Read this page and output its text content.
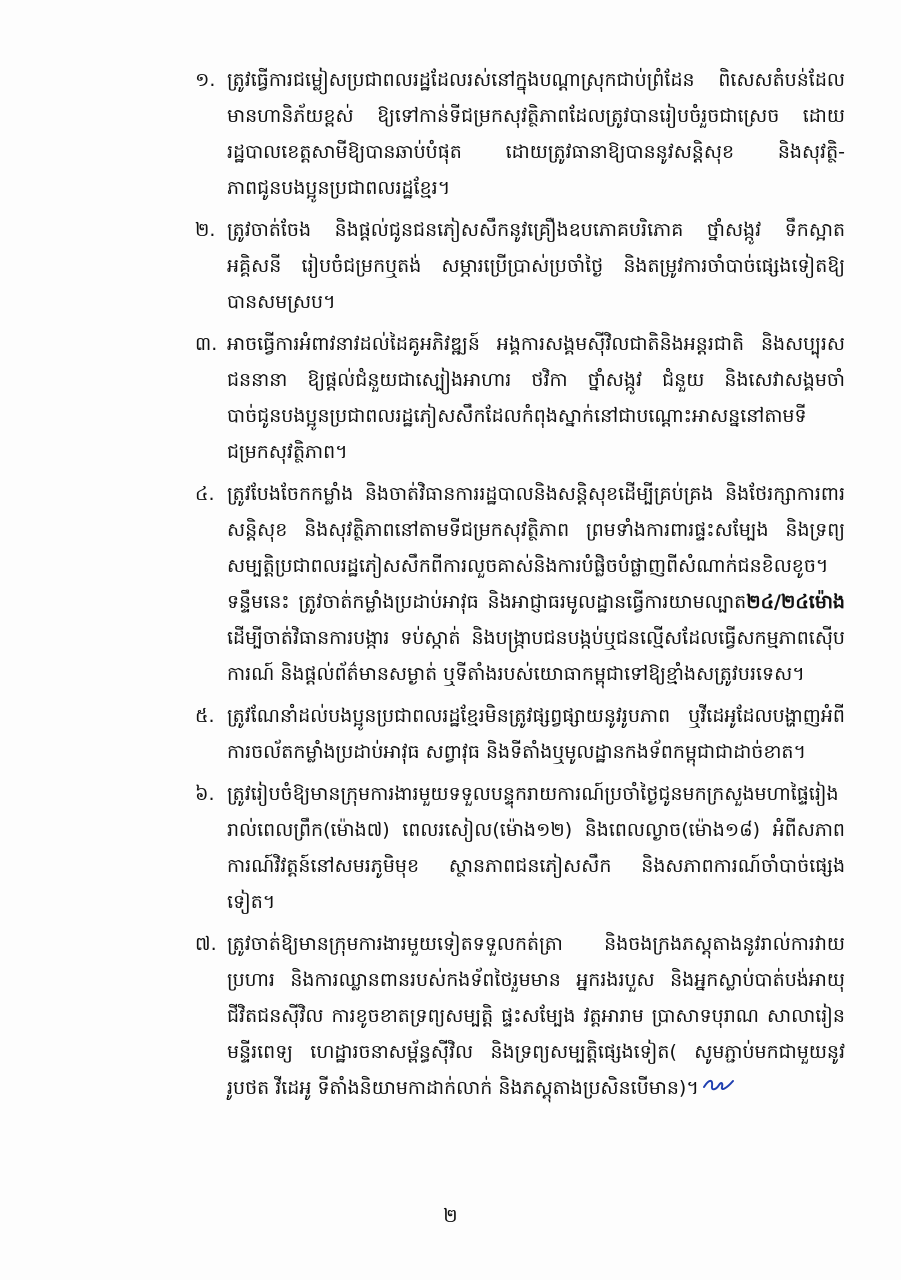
១. ត្រូវធ្វើការជម្លៀសប្រជាពលរដ្ឋដែលរស់នៅក្នុងបណ្តាស្រុកជាប់ព្រំដែន ពិសេសតំបន់ដែលមានហានិភ័យខ្ពស់ ឱ្យទៅកាន់ទីជម្រកសុវត្ថិភាពដែលត្រូវបានរៀបចំរួចជាស្រេច ដោយរដ្ឋបាលខេត្តសាមីឱ្យបានឆាប់បំផុត ដោយត្រូវធានាឱ្យបាននូវសន្តិសុខ និងសុវត្ថិ-ភាពជូនបងប្អូនប្រជាពលរដ្ឋខ្មែរ។
២. ត្រូវចាត់ចែង និងផ្តល់ជូនជនភៀសសឹកនូវគ្រឿងឧបភោគបរិភោគ ថ្នាំសង្កូវ ទឹកស្អាត អគ្គិសនី រៀបចំជម្រកឬតង់ សម្ភារប្រើប្រាស់ប្រចាំថ្ងៃ និងតម្រូវការចាំបាច់ផ្សេងទៀតឱ្យបានសមស្រប។
៣. អាចធ្វើការអំពាវនាវដល់ដៃគូអភិវឌ្ឍន៍ អង្គការសង្គមស៊ីវិលជាតិនិងអន្តរជាតិ និងសប្បុរសជននានា ឱ្យផ្តល់ជំនួយជាស្បៀងអាហារ ថវិកា ថ្នាំសង្កូវ ជំនួយ និងសេវាសង្គមចាំបាច់ជូនបងប្អូនប្រជាពលរដ្ឋភៀសសឹកដែលកំពុងស្នាក់នៅជាបណ្ដោះអាសន្ននៅតាមទីជម្រកសុវត្ថិភាព។
៤. ត្រូវបែងចែកកម្លាំង និងចាត់វិធានការរដ្ឋបាលនិងសន្តិសុខដើម្បីគ្រប់គ្រង និងថែរក្សាការពារសន្តិសុខ និងសុវត្ថិភាពនៅតាមទីជម្រកសុវត្ថិភាព ព្រមទាំងការពារផ្ទះសម្បែង និងទ្រព្យសម្បត្តិប្រជាពលរដ្ឋភៀសសឹកពីការលួចគាស់និងការបំផ្លិចបំផ្លាញពីសំណាក់ជនខិលខូច។ ទន្ទឹមនេះ ត្រូវចាត់កម្លាំងប្រដាប់អាវុធ និងអាជ្ញាធរមូលដ្ឋានធ្វើការយាមល្បាត២៤/២៤ម៉ោង ដើម្បីចាត់វិធានការបង្ការ ទប់ស្កាត់ និងបង្ក្រាបជនបង្កប់ឬជនល្មើសដែលធ្វើសកម្មភាពស៊ើបការណ៍ និងផ្តល់ព័ត៌មានសម្ងាត់ ឬទីតាំងរបស់យោធាកម្ពុជាទៅឱ្យខ្មាំងសត្រូវបរទេស។
៥. ត្រូវណែនាំដល់បងប្អូនប្រជាពលរដ្ឋខ្មែរមិនត្រូវផ្សព្វផ្សាយនូវរូបភាព ឬវីដេអូដែលបង្ហាញអំពីការចល័តកម្លាំងប្រដាប់អាវុធ សព្វាវុធ និងទីតាំងឬមូលដ្ឋានកងទ័ពកម្ពុជាជាដាច់ខាត។
៦. ត្រូវរៀបចំឱ្យមានក្រុមការងារមួយទទួលបន្ទុករាយការណ៍ប្រចាំថ្ងៃជូនមកក្រសួងមហាផ្ទៃរៀងរាល់ពេលព្រឹក(ម៉ោង៧) ពេលរសៀល(ម៉ោង១២) និងពេលល្ងាច(ម៉ោង១៨) អំពីសភាពការណ៍វិវត្តន៍នៅសមរភូមិមុខ ស្ថានភាពជនភៀសសឹក និងសភាពការណ៍ចាំបាច់ផ្សេងទៀត។
៧. ត្រូវចាត់ឱ្យមានក្រុមការងារមួយទៀតទទួលកត់ត្រា និងចងក្រងភស្តុតាងនូវរាល់ការវាយប្រហារ និងការឈ្លានពានរបស់កងទ័ពថៃរួមមាន អ្នករងរបួស និងអ្នកស្លាប់បាត់បង់អាយុជីវិតជនស៊ីវិល ការខូចខាតទ្រព្យសម្បត្តិ ផ្ទះសម្បែង វត្តអារាម ប្រាសាទបុរាណ សាលារៀន មន្ទីរពេទ្យ ហេដ្ឋារចនាសម្ព័ន្ធស៊ីវិល និងទ្រព្យសម្បត្តិផ្សេងទៀត( សូមភ្ជាប់មកជាមួយនូវរូបថត វីដេអូ ទីតាំងនិយាមកាដាក់លាក់ និងភស្តុតាងប្រសិនបើមាន)។
២
